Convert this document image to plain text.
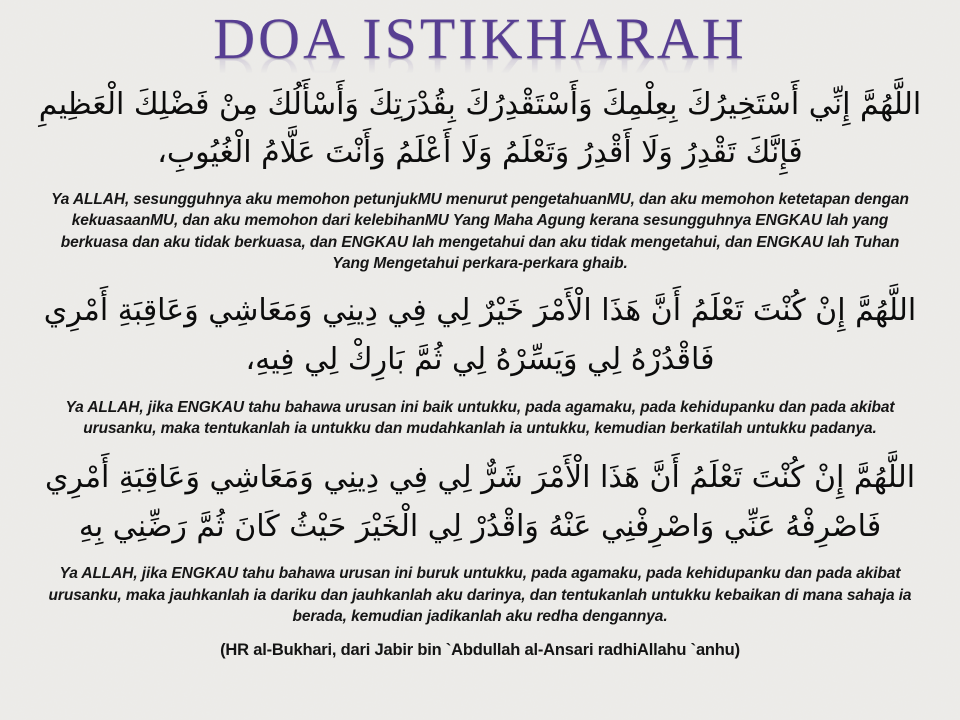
DOA ISTIKHARAH

اللَّهُمَّ إِنِّي أَسْتَخِيرُكَ بِعِلْمِكَ وَأَسْتَقْدِرُكَ بِقُدْرَتِكَ وَأَسْأَلُكَ مِنْ فَضْلِكَ الْعَظِيمِ فَإِنَّكَ تَقْدِرُ وَلَا أَقْدِرُ وَتَعْلَمُ وَلَا أَعْلَمُ وَأَنْتَ عَلَّامُ الْغُيُوبِ،

Ya ALLAH, sesungguhnya aku memohon petunjukMU menurut pengetahuanMU, dan aku memohon ketetapan dengan kekuasaanMU, dan aku memohon dari kelebihanMU Yang Maha Agung kerana sesungguhnya ENGKAU lah yang berkuasa dan aku tidak berkuasa, dan ENGKAU lah mengetahui dan aku tidak mengetahui, dan ENGKAU lah Tuhan Yang Mengetahui perkara-perkara ghaib.

اللَّهُمَّ إِنْ كُنْتَ تَعْلَمُ أَنَّ هَذَا الْأَمْرَ خَيْرٌ لِي فِي دِينِي وَمَعَاشِي وَعَاقِبَةِ أَمْرِي فَاقْدُرْهُ لِي وَيَسِّرْهُ لِي ثُمَّ بَارِكْ لِي فِيهِ،

Ya ALLAH, jika ENGKAU tahu bahawa urusan ini baik untukku, pada agamaku, pada kehidupanku dan pada akibat urusanku, maka tentukanlah ia untukku dan mudahkanlah ia untukku, kemudian berkatilah untukku padanya.

اللَّهُمَّ إِنْ كُنْتَ تَعْلَمُ أَنَّ هَذَا الْأَمْرَ شَرٌّ لِي فِي دِينِي وَمَعَاشِي وَعَاقِبَةِ أَمْرِي فَاصْرِفْهُ عَنِّي وَاصْرِفْنِي عَنْهُ وَاقْدُرْ لِي الْخَيْرَ حَيْثُ كَانَ ثُمَّ رَضِّنِي بِهِ

Ya ALLAH, jika ENGKAU tahu bahawa urusan ini buruk untukku, pada agamaku, pada kehidupanku dan pada akibat urusanku, maka jauhkanlah ia dariku dan jauhkanlah aku darinya, dan tentukanlah untukku kebaikan di mana sahaja ia berada, kemudian jadikanlah aku redha dengannya.

(HR al-Bukhari, dari Jabir bin `Abdullah al-Ansari radhiAllahu `anhu)
